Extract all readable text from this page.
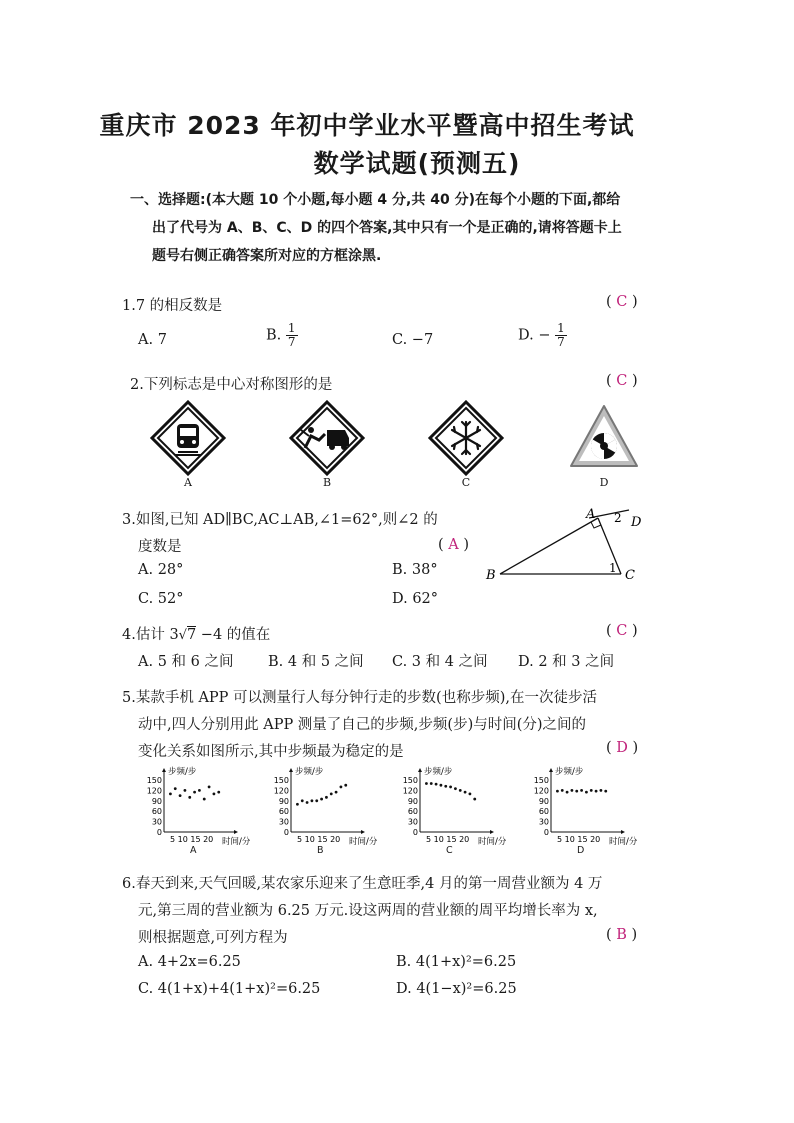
重庆市 2023 年初中学业水平暨高中招生考试
数学试题(预测五)
一、选择题:(本大题 10 个小题,每小题 4 分,共 40 分)在每个小题的下面,都给
出了代号为 A、B、C、D 的四个答案,其中只有一个是正确的,请将答题卡上
题号右侧正确答案所对应的方框涂黑.
1.7 的相反数是	( C )
A. 7	B. $\frac{1}{7}$	C. −7	D. − $\frac{1}{7}$
2.下列标志是中心对称图形的是	( C )
A	B	C	D
3.如图,已知 AD∥BC,AC⊥AB,∠1=62°,则∠2 的
度数是	( A )
A. 28°	B. 38°
C. 52°	D. 62°
A
B	C
D
1
2
4.估计 3√7 −4 的值在	( C )
A. 5 和 6 之间 B. 4 和 5 之间 C. 3 和 4 之间 D. 2 和 3 之间
5.某款手机 APP 可以测量行人每分钟行走的步数(也称步频),在一次徒步活
动中,四人分别用此 APP 测量了自己的步频,步频(步)与时间(分)之间的
变化关系如图所示,其中步频最为稳定的是	( D )
150
120
90
60
30
0
步频/步
5 10 15 20 时间/分
A
150
120
90
60
30
0
步频/步
5 10 15 20 时间/分
B
150
120
90
60
30
0
步频/步
5 10 15 20 时间/分
C
150
120
90
60
30
0
步频/步
5 10 15 20 时间/分
D
6.春天到来,天气回暖,某农家乐迎来了生意旺季,4 月的第一周营业额为 4 万
元,第三周的营业额为 6.25 万元.设这两周的营业额的周平均增长率为 x,
则根据题意,可列方程为	( B )
A. 4+2x=6.25	B. 4(1+x)²=6.25
C. 4(1+x)+4(1+x)²=6.25	D. 4(1−x)²=6.25
